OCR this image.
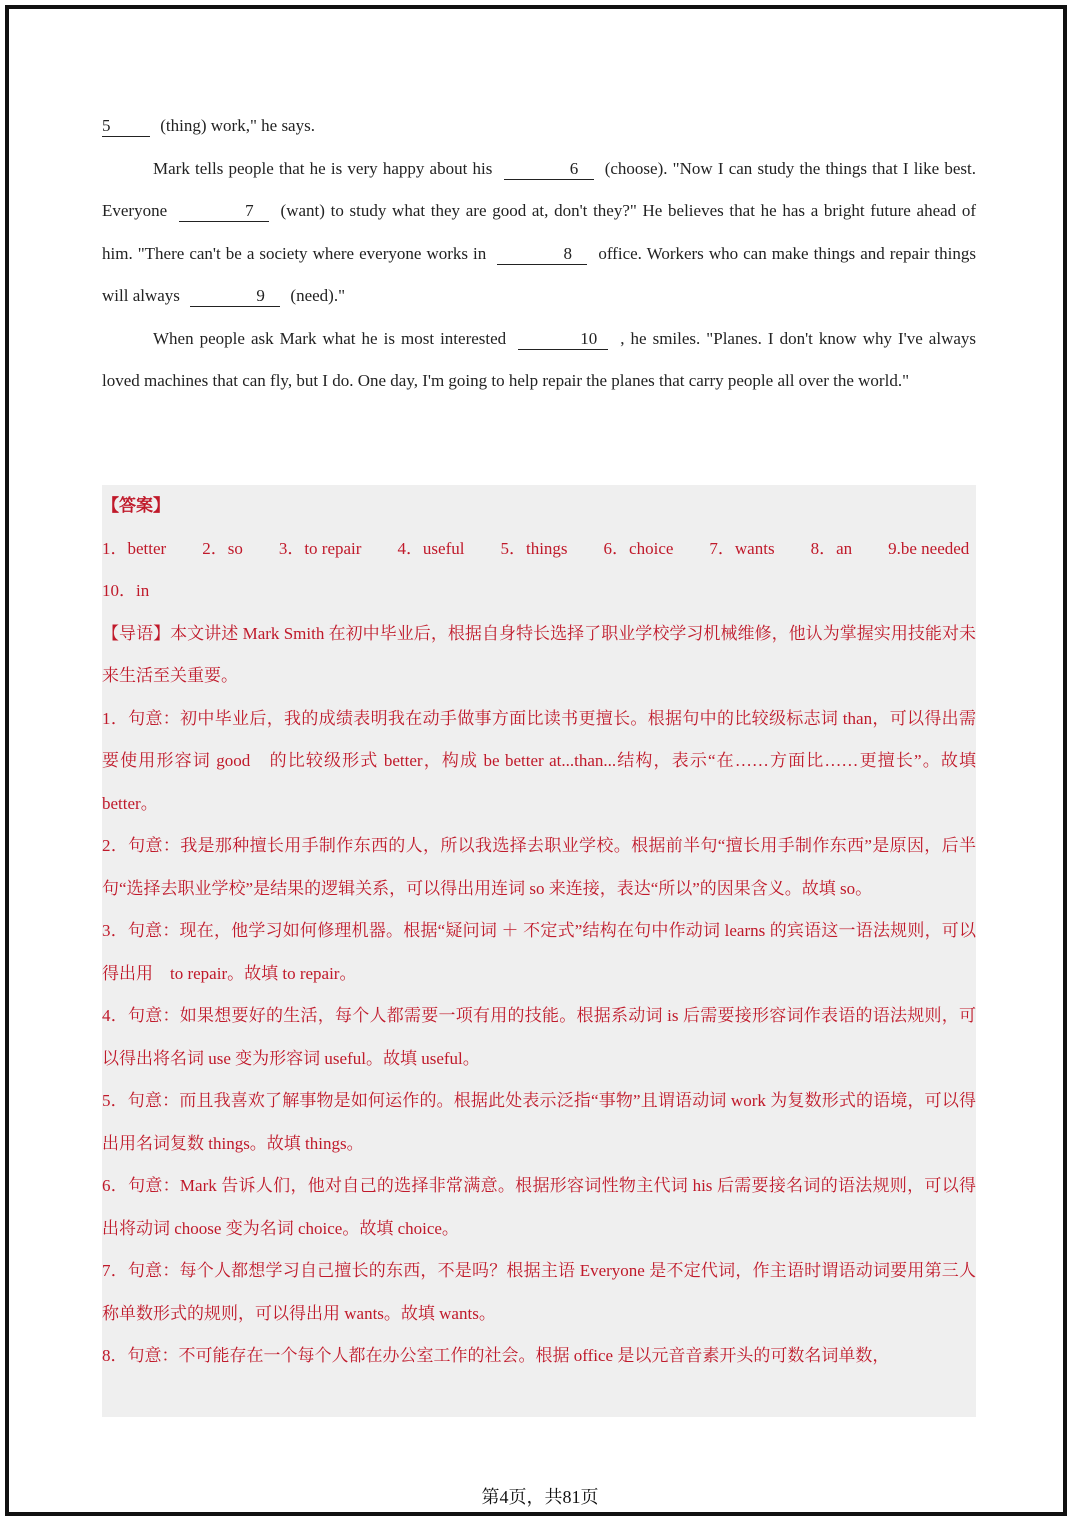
5	(thing) work," he says.

Mark tells people that he is very happy about his	6 (choose). "Now I can study the things that I like best. Everyone	7 (want) to study what they are good at, don't they?" He believes that he has a bright future ahead of him. "There can't be a society where everyone works in	8 office. Workers who can make things and repair things will always	9 (need)."

When people ask Mark what he is most interested	10 , he smiles. "Planes. I don't know why I've always loved machines that can fly, but I do. One day, I'm going to help repair the planes that carry people all over the world."

【答案】

1．better 2．so 3．to repair 4．useful 5．things 6．choice 7．wants 8．an 9.be needed
10．in

【导语】本文讲述 Mark Smith 在初中毕业后，根据自身特长选择了职业学校学习机械维修，他认为掌握实用技能对未来生活至关重要。

1．句意：初中毕业后，我的成绩表明我在动手做事方面比读书更擅长。根据句中的比较级标志词 than，可以得出需要使用形容词 good　的比较级形式 better，构成 be better at...than...结构，表示“在……方面比……更擅长”。故填 better。

2．句意：我是那种擅长用手制作东西的人，所以我选择去职业学校。根据前半句“擅长用手制作东西”是原因，后半句“选择去职业学校”是结果的逻辑关系，可以得出用连词 so 来连接，表达“所以”的因果含义。故填 so。

3．句意：现在，他学习如何修理机器。根据“疑问词 ＋ 不定式”结构在句中作动词 learns 的宾语这一语法规则，可以得出用　to repair。故填 to repair。

4．句意：如果想要好的生活，每个人都需要一项有用的技能。根据系动词 is 后需要接形容词作表语的语法规则，可以得出将名词 use 变为形容词 useful。故填 useful。

5．句意：而且我喜欢了解事物是如何运作的。根据此处表示泛指“事物”且谓语动词 work 为复数形式的语境，可以得出用名词复数 things。故填 things。

6．句意：Mark 告诉人们，他对自己的选择非常满意。根据形容词性物主代词 his 后需要接名词的语法规则，可以得出将动词 choose 变为名词 choice。故填 choice。

7．句意：每个人都想学习自己擅长的东西，不是吗？根据主语 Everyone 是不定代词，作主语时谓语动词要用第三人称单数形式的规则，可以得出用 wants。故填 wants。

8．句意：不可能存在一个每个人都在办公室工作的社会。根据 office 是以元音音素开头的可数名词单数，

第4页，共81页
